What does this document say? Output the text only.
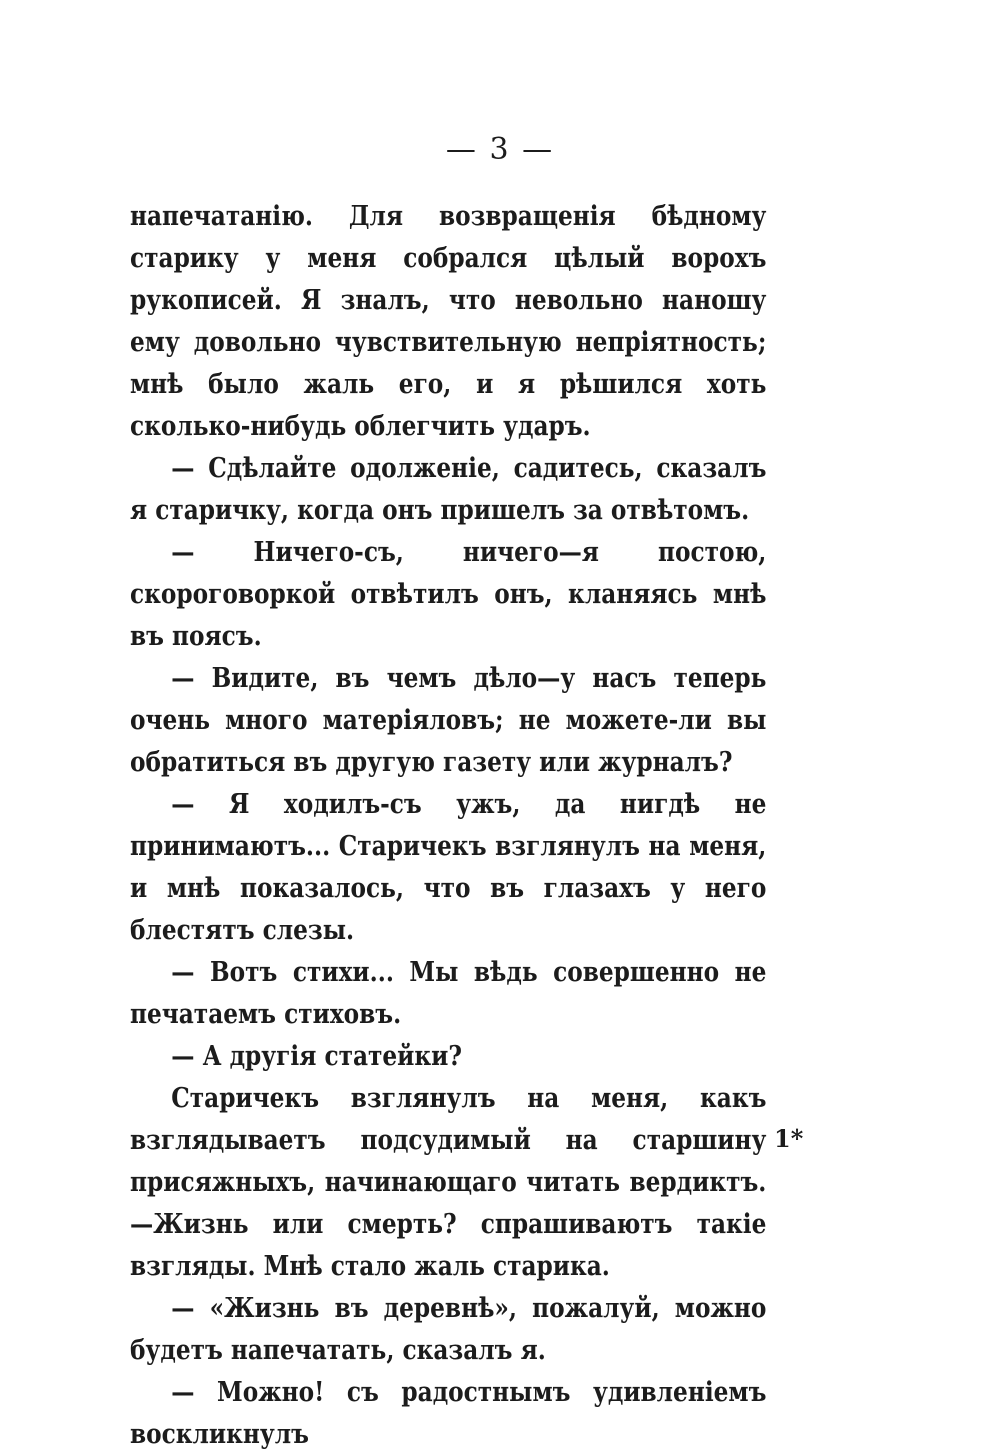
— 3 —

напечатанію. Для возвращенія бѣдному старику у меня собрался цѣлый ворохъ рукописей. Я зналъ, что невольно наношу ему довольно чувствительную непріятность; мнѣ было жаль его, и я рѣшился хоть сколько-нибудь облегчить ударъ.

— Сдѣлайте одолженіе, садитесь, сказалъ я старичку, когда онъ пришелъ за отвѣтомъ.

— Ничего-съ, ничего—я постою, скороговоркой отвѣтилъ онъ, кланяясь мнѣ въ поясъ.

— Видите, въ чемъ дѣло—у насъ теперь очень много матеріяловъ; не можете-ли вы обратиться въ другую газету или журналъ?

— Я ходилъ-съ ужъ, да нигдѣ не принимаютъ... Старичекъ взглянулъ на меня, и мнѣ показалось, что въ глазахъ у него блестятъ слезы.

— Вотъ стихи... Мы вѣдь совершенно не печатаемъ стиховъ.

— А другія статейки?

Старичекъ взглянулъ на меня, какъ взглядываетъ подсудимый на старшину присяжныхъ, начинающаго читать вердиктъ.—Жизнь или смерть? спрашиваютъ такіе взгляды. Мнѣ стало жаль старика.

— «Жизнь въ деревнѣ», пожалуй, можно будетъ напечатать, сказалъ я.

— Можно! съ радостнымъ удивленіемъ воскликнулъ

1*
